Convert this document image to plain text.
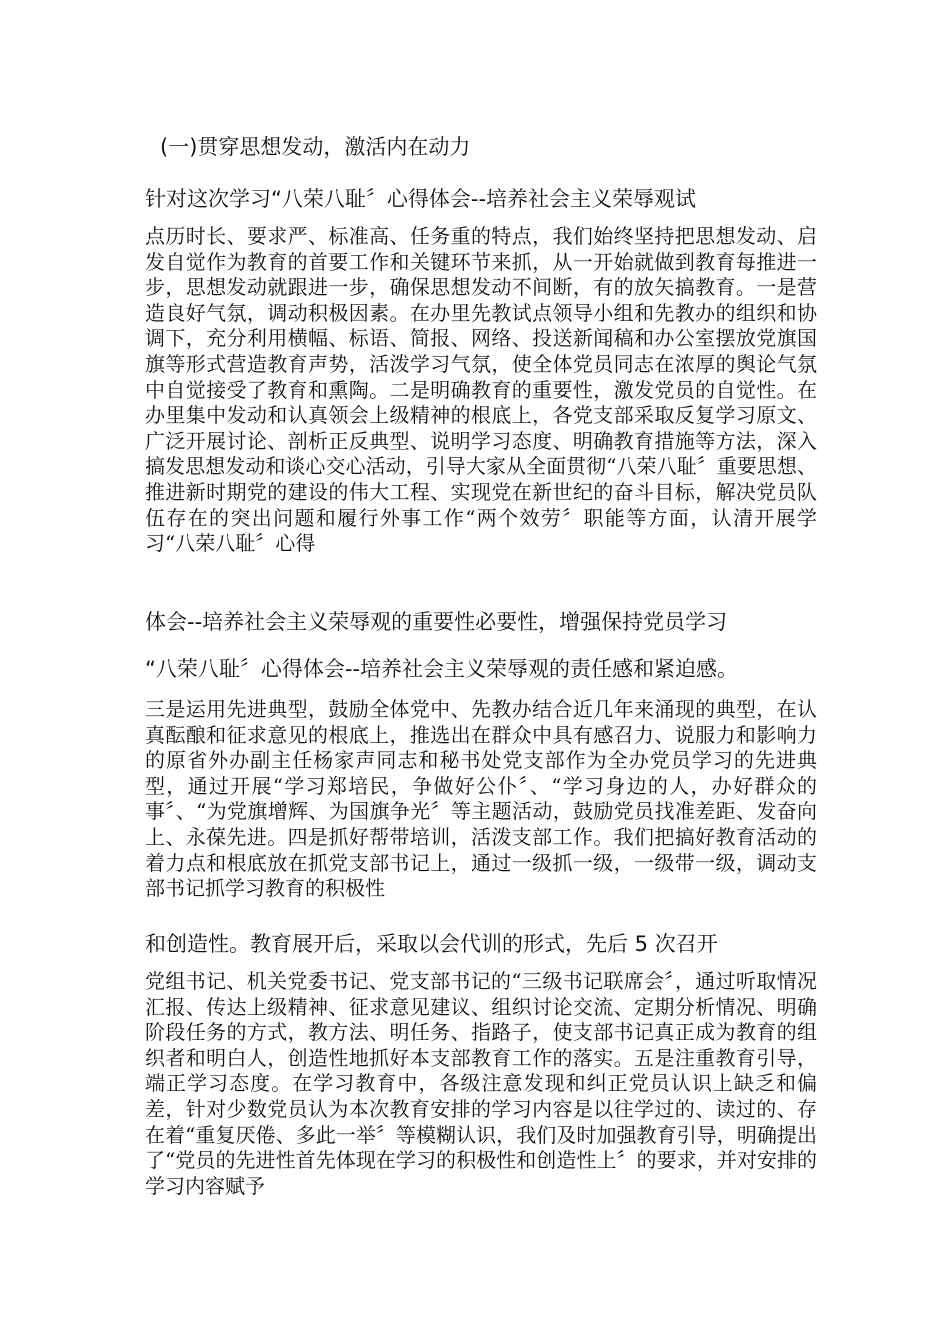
(一)贯穿思想发动，激活内在动力
针对这次学习“八荣八耻〞心得体会--培养社会主义荣辱观试
点历时长、要求严、标准高、任务重的特点，我们始终坚持把思想发动、启发自觉作为教育的首要工作和关键环节来抓，从一开始就做到教育每推进一步，思想发动就跟进一步，确保思想发动不间断，有的放矢搞教育。一是营造良好气氛，调动积极因素。在办里先教试点领导小组和先教办的组织和协调下，充分利用横幅、标语、简报、网络、投送新闻稿和办公室摆放党旗国旗等形式营造教育声势，活泼学习气氛，使全体党员同志在浓厚的舆论气氛中自觉接受了教育和熏陶。二是明确教育的重要性，激发党员的自觉性。在办里集中发动和认真领会上级精神的根底上，各党支部采取反复学习原文、广泛开展讨论、剖析正反典型、说明学习态度、明确教育措施等方法，深入搞发思想发动和谈心交心活动，引导大家从全面贯彻“八荣八耻〞重要思想、推进新时期党的建设的伟大工程、实现党在新世纪的奋斗目标，解决党员队伍存在的突出问题和履行外事工作“两个效劳〞职能等方面，认清开展学习“八荣八耻〞心得
体会--培养社会主义荣辱观的重要性必要性，增强保持党员学习
“八荣八耻〞心得体会--培养社会主义荣辱观的责任感和紧迫感。
三是运用先进典型，鼓励全体党中、先教办结合近几年来涌现的典型，在认真酝酿和征求意见的根底上，推选出在群众中具有感召力、说服力和影响力的原省外办副主任杨家声同志和秘书处党支部作为全办党员学习的先进典型，通过开展“学习郑培民，争做好公仆〞、“学习身边的人，办好群众的事〞、“为党旗增辉、为国旗争光〞等主题活动，鼓励党员找准差距、发奋向上、永葆先进。四是抓好帮带培训，活泼支部工作。我们把搞好教育活动的着力点和根底放在抓党支部书记上，通过一级抓一级，一级带一级，调动支部书记抓学习教育的积极性
和创造性。教育展开后，采取以会代训的形式，先后 5 次召开
党组书记、机关党委书记、党支部书记的“三级书记联席会〞，通过听取情况汇报、传达上级精神、征求意见建议、组织讨论交流、定期分析情况、明确阶段任务的方式，教方法、明任务、指路子，使支部书记真正成为教育的组织者和明白人，创造性地抓好本支部教育工作的落实。五是注重教育引导，端正学习态度。在学习教育中，各级注意发现和纠正党员认识上缺乏和偏差，针对少数党员认为本次教育安排的学习内容是以往学过的、读过的、存在着“重复厌倦、多此一举〞等模糊认识，我们及时加强教育引导，明确提出了“党员的先进性首先体现在学习的积极性和创造性上〞的要求，并对安排的学习内容赋予
